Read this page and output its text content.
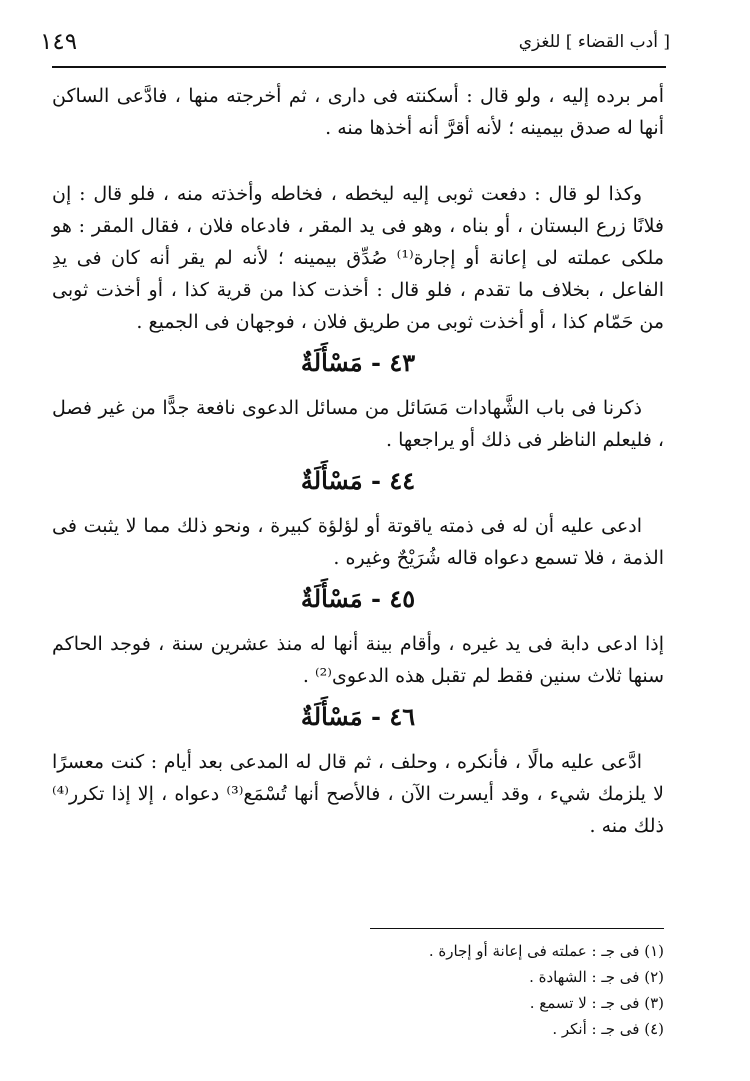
١٤٩	[ أدب القضاء ] للغزي

أمر برده إليه ، ولو قال : أسكنته فى دارى ، ثم أخرجته منها ، فادَّعى الساكن أنها له صدق بيمينه ؛ لأنه أقرَّ أنه أخذها منه .

وكذا لو قال : دفعت ثوبى إليه ليخطه ، فخاطه وأخذته منه ، فلو قال : إن فلانًا زرع البستان ، أو بناه ، وهو فى يد المقر ، فادعاه فلان ، فقال المقر : هو ملكى عملته لى إعانة أو إجارة⁽¹⁾ صُدِّق بيمينه ؛ لأنه لم يقر أنه كان فى يدِ الفاعل ، بخلاف ما تقدم ، فلو قال : أخذت كذا من قرية كذا ، أو أخذت ثوبى من حَمّام كذا ، أو أخذت ثوبى من طريق فلان ، فوجهان فى الجميع .

٤٣ - مَسْأَلَةٌ

ذكرنا فى باب الشَّهادات مَسَائل من مسائل الدعوى نافعة جدًّا من غير فصل ، فليعلم الناظر فى ذلك أو يراجعها .

٤٤ - مَسْأَلَةٌ

ادعى عليه أن له فى ذمته ياقوتة أو لؤلؤة كبيرة ، ونحو ذلك مما لا يثبت فى الذمة ، فلا تسمع دعواه قاله شُرَيْحٌ وغيره .

٤٥ - مَسْأَلَةٌ

إذا ادعى دابة فى يد غيره ، وأقام بينة أنها له منذ عشرين سنة ، فوجد الحاكم سنها ثلاث سنين فقط لم تقبل هذه الدعوى⁽²⁾ .

٤٦ - مَسْأَلَةٌ

ادَّعى عليه مالًا ، فأنكره ، وحلف ، ثم قال له المدعى بعد أيام : كنت معسرًا لا يلزمك شيء ، وقد أيسرت الآن ، فالأصح أنها تُسْمَع⁽³⁾ دعواه ، إلا إذا تكرر⁽⁴⁾ ذلك منه .

(١) فى جـ : عملته فى إعانة أو إجارة .
(٢) فى جـ : الشهادة .
(٣) فى جـ : لا تسمع .
(٤) فى جـ : أنكر .
